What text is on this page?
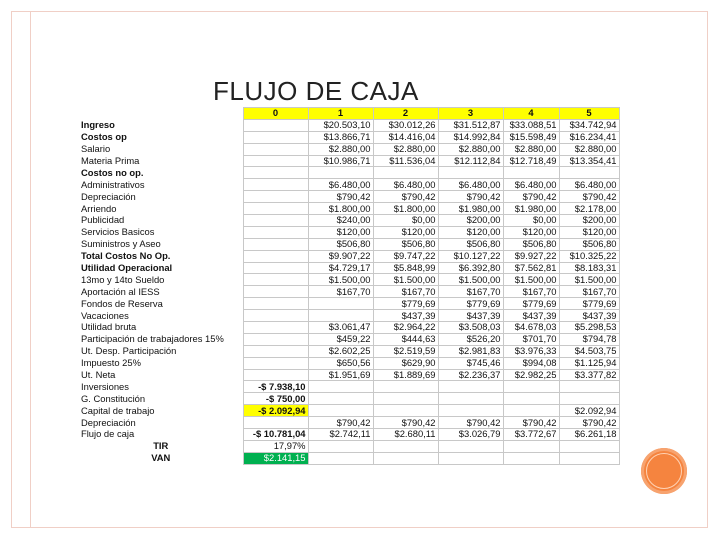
FLUJO DE CAJA
	0	1	2	3	4	5
Ingreso		$20.503,10	$30.012,26	$31.512,87	$33.088,51	$34.742,94
Costos op		$13.866,71	$14.416,04	$14.992,84	$15.598,49	$16.234,41
Salario		$2.880,00	$2.880,00	$2.880,00	$2.880,00	$2.880,00
Materia Prima		$10.986,71	$11.536,04	$12.112,84	$12.718,49	$13.354,41
Costos no op.						
Administrativos		$6.480,00	$6.480,00	$6.480,00	$6.480,00	$6.480,00
Depreciación		$790,42	$790,42	$790,42	$790,42	$790,42
Arriendo		$1.800,00	$1.800,00	$1.980,00	$1.980,00	$2.178,00
Publicidad		$240,00	$0,00	$200,00	$0,00	$200,00
Servicios Basicos		$120,00	$120,00	$120,00	$120,00	$120,00
Suministros y Aseo		$506,80	$506,80	$506,80	$506,80	$506,80
Total Costos No Op.		$9.907,22	$9.747,22	$10.127,22	$9.927,22	$10.325,22
Utilidad Operacional		$4.729,17	$5.848,99	$6.392,80	$7.562,81	$8.183,31
13mo y 14to Sueldo		$1.500,00	$1.500,00	$1.500,00	$1.500,00	$1.500,00
Aportación al IESS		$167,70	$167,70	$167,70	$167,70	$167,70
Fondos de Reserva			$779,69	$779,69	$779,69	$779,69
Vacaciones			$437,39	$437,39	$437,39	$437,39
Utilidad bruta		$3.061,47	$2.964,22	$3.508,03	$4.678,03	$5.298,53
Participación de trabajadores 15%		$459,22	$444,63	$526,20	$701,70	$794,78
Ut. Desp. Participación		$2.602,25	$2.519,59	$2.981,83	$3.976,33	$4.503,75
Impuesto 25%		$650,56	$629,90	$745,46	$994,08	$1.125,94
Ut. Neta		$1.951,69	$1.889,69	$2.236,37	$2.982,25	$3.377,82
Inversiones	-$ 7.938,10					
G. Constitución	-$ 750,00					
Capital de trabajo	-$ 2.092,94					$2.092,94
Depreciación		$790,42	$790,42	$790,42	$790,42	$790,42
Flujo de caja	-$ 10.781,04	$2.742,11	$2.680,11	$3.026,79	$3.772,67	$6.261,18
TIR	17,97%					
VAN	$2.141,15					
